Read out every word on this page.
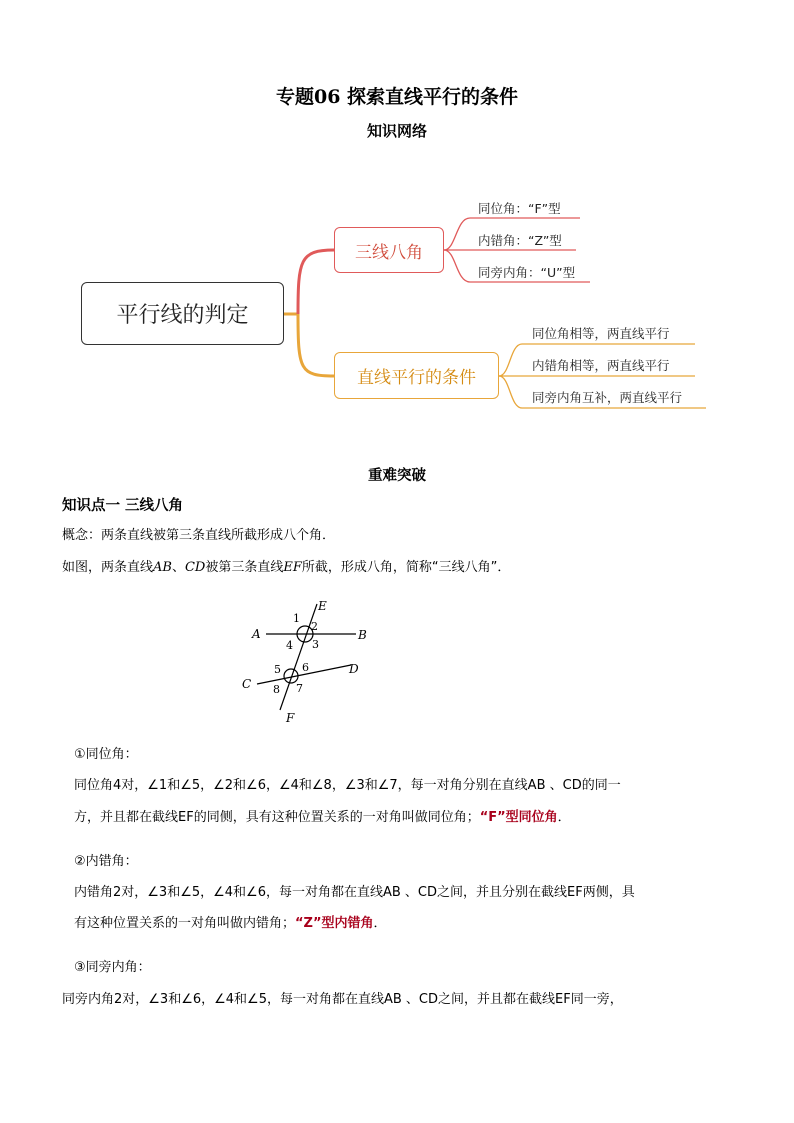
专题06 探索直线平行的条件
知识网络
平行线的判定
三线八角
直线平行的条件
同位角：“F”型
内错角：“Z”型
同旁内角：“U”型
同位角相等，两直线平行
内错角相等，两直线平行
同旁内角互补，两直线平行
重难突破
知识点一 三线八角
概念：两条直线被第三条直线所截形成八个角．
如图，两条直线AB、CD被第三条直线EF所截，形成八角，简称“三线八角”．
A	B
C
D
E
F
1
2
3
4
5 6
7
8
①同位角：
同位角4对，∠1和∠5，∠2和∠6，∠4和∠8，∠3和∠7，每一对角分别在直线AB 、CD的同一
方，并且都在截线EF的同侧，具有这种位置关系的一对角叫做同位角；“F”型同位角．
②内错角：
内错角2对，∠3和∠5，∠4和∠6，每一对角都在直线AB 、CD之间，并且分别在截线EF两侧，具
有这种位置关系的一对角叫做内错角；“Z”型内错角．
③同旁内角：
同旁内角2对，∠3和∠6，∠4和∠5，每一对角都在直线AB 、CD之间，并且都在截线EF同一旁，
